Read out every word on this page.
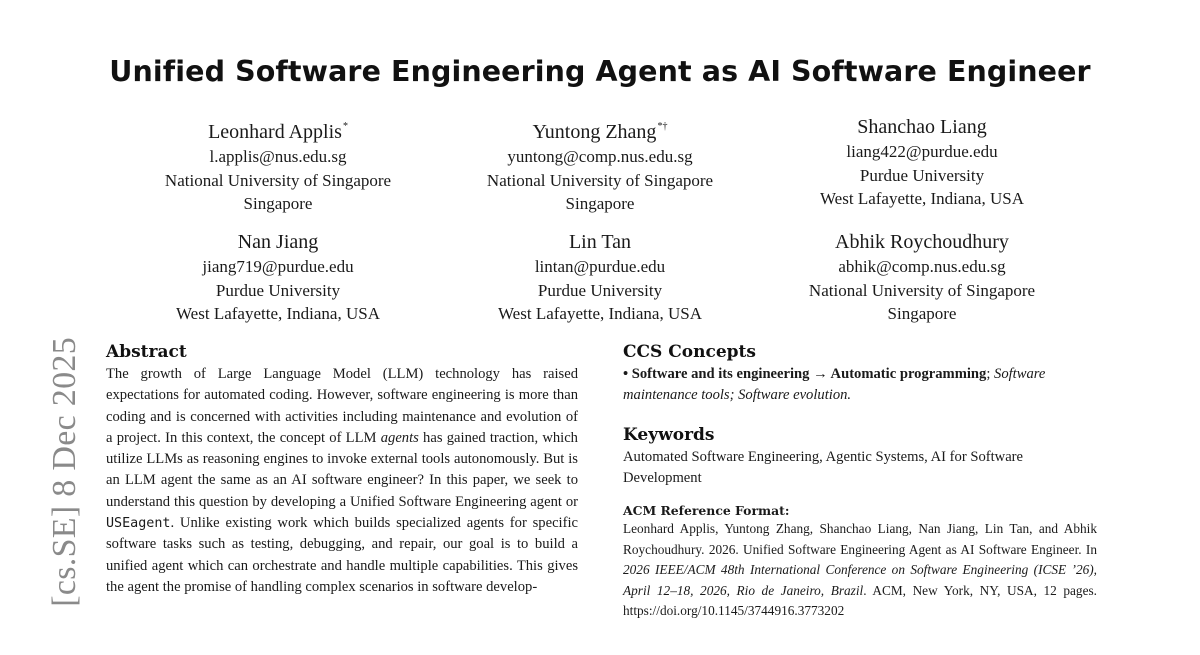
Unified Software Engineering Agent as AI Software Engineer
Leonhard Applis*
l.applis@nus.edu.sg
National University of Singapore
Singapore
Yuntong Zhang*†
yuntong@comp.nus.edu.sg
National University of Singapore
Singapore
Shanchao Liang
liang422@purdue.edu
Purdue University
West Lafayette, Indiana, USA
Nan Jiang
jiang719@purdue.edu
Purdue University
West Lafayette, Indiana, USA
Lin Tan
lintan@purdue.edu
Purdue University
West Lafayette, Indiana, USA
Abhik Roychoudhury
abhik@comp.nus.edu.sg
National University of Singapore
Singapore
[cs.SE] 8 Dec 2025 Abstract
The growth of Large Language Model (LLM) technology has raised expectations for automated coding. However, software engineering is more than coding and is concerned with activities including maintenance and evolution of a project. In this context, the concept of LLM agents has gained traction, which utilize LLMs as reasoning engines to invoke external tools autonomously. But is an LLM agent the same as an AI software engineer? In this paper, we seek to understand this question by developing a Unified Software Engineering agent or USEagent. Unlike existing work which builds specialized agents for specific software tasks such as testing, debugging, and repair, our goal is to build a unified agent which can orchestrate and handle multiple capabilities. This gives the agent the promise of handling complex scenarios in software develop-
CCS Concepts
• Software and its engineering → Automatic programming; Software maintenance tools; Software evolution.
Keywords
Automated Software Engineering, Agentic Systems, AI for Software Development
ACM Reference Format:
Leonhard Applis, Yuntong Zhang, Shanchao Liang, Nan Jiang, Lin Tan, and Abhik Roychoudhury. 2026. Unified Software Engineering Agent as AI Software Engineer. In 2026 IEEE/ACM 48th International Conference on Software Engineering (ICSE ’26), April 12–18, 2026, Rio de Janeiro, Brazil. ACM, New York, NY, USA, 12 pages. https://doi.org/10.1145/3744916.3773202
